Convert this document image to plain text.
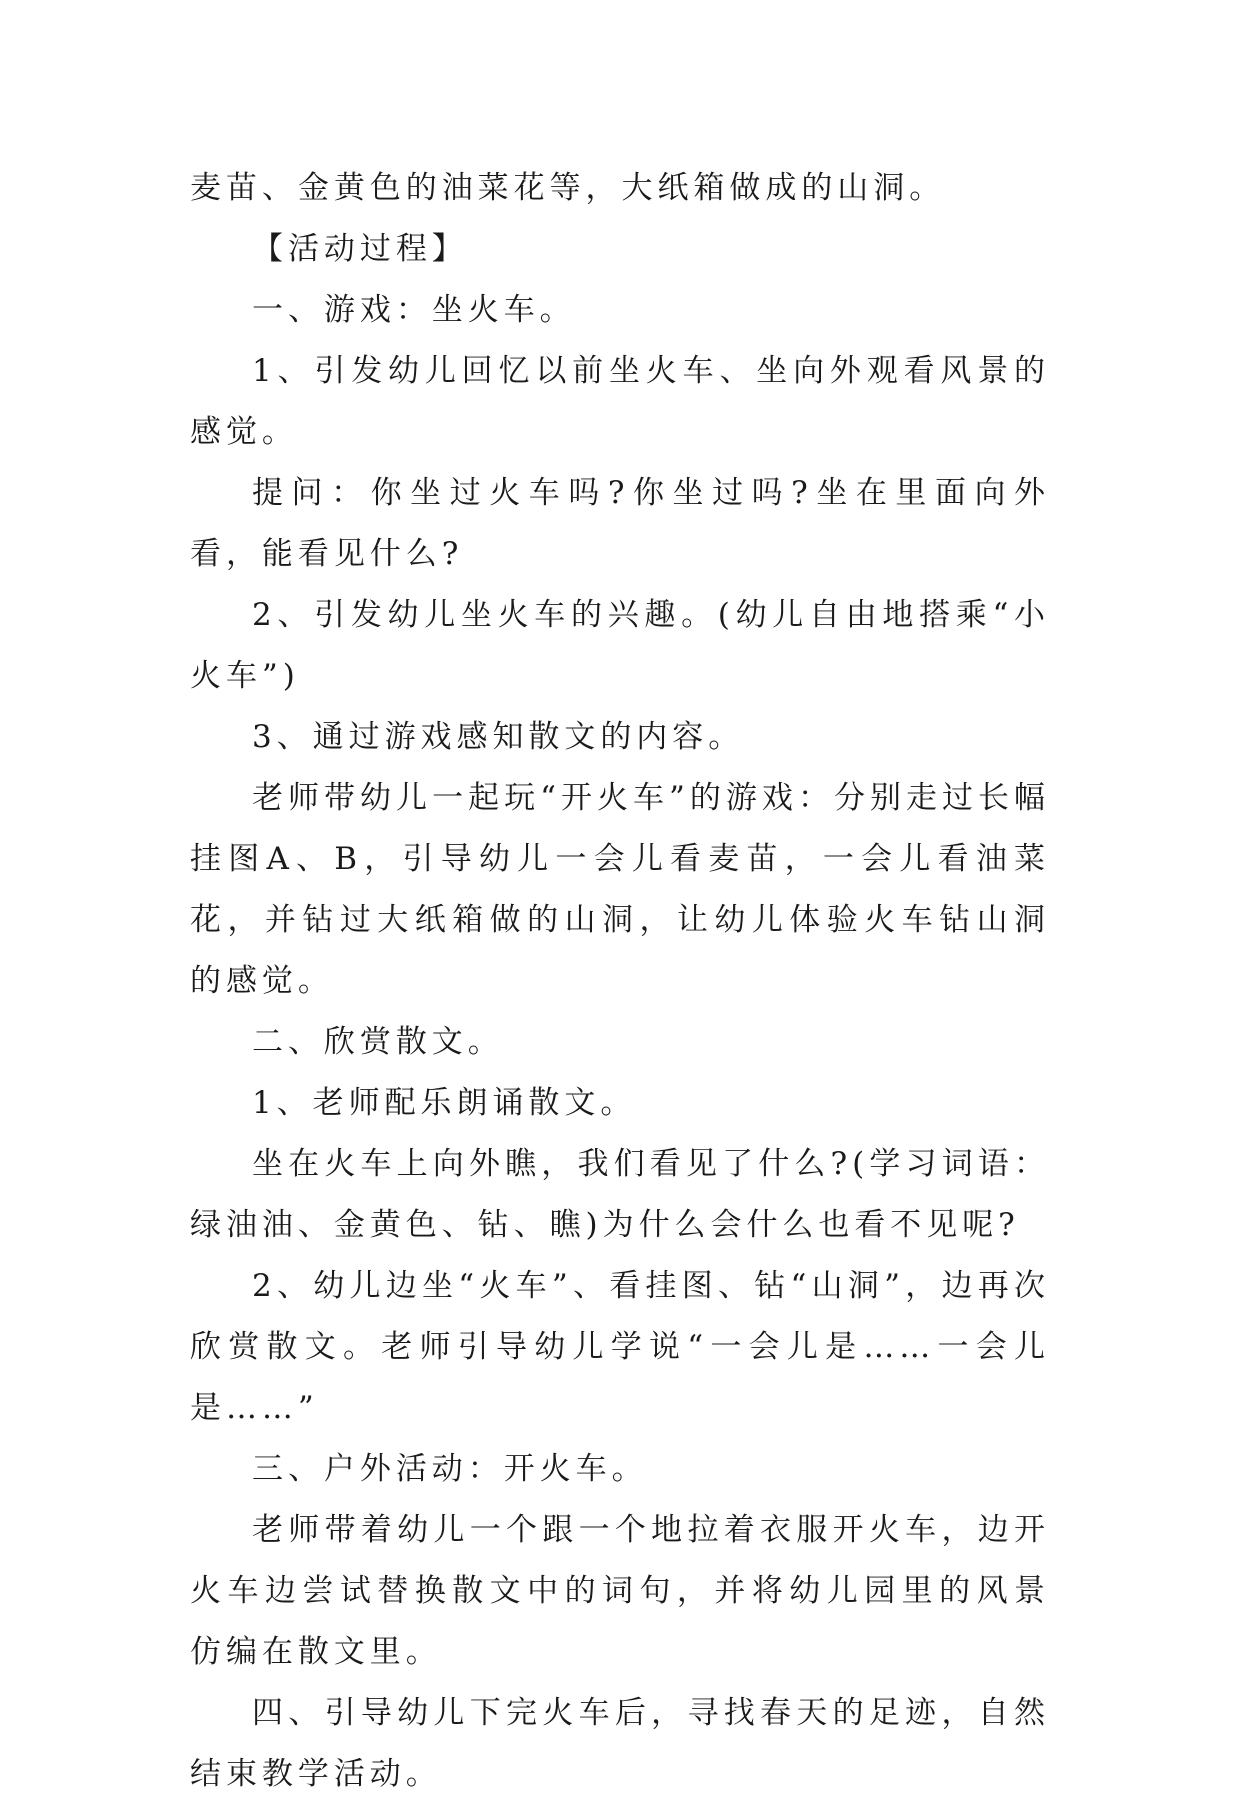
麦苗、金黄色的油菜花等，大纸箱做成的山洞。

【活动过程】

一、游戏：坐火车。

1、引发幼儿回忆以前坐火车、坐向外观看风景的感觉。

提问：你坐过火车吗?你坐过吗?坐在里面向外看，能看见什么?

2、引发幼儿坐火车的兴趣。(幼儿自由地搭乘“小火车”)

3、通过游戏感知散文的内容。

老师带幼儿一起玩“开火车”的游戏：分别走过长幅挂图A、B，引导幼儿一会儿看麦苗，一会儿看油菜花，并钻过大纸箱做的山洞，让幼儿体验火车钻山洞的感觉。

二、欣赏散文。

1、老师配乐朗诵散文。

坐在火车上向外瞧，我们看见了什么?(学习词语：绿油油、金黄色、钻、瞧)为什么会什么也看不见呢?

2、幼儿边坐“火车”、看挂图、钻“山洞”，边再次欣赏散文。老师引导幼儿学说“一会儿是……一会儿是……”

三、户外活动：开火车。

老师带着幼儿一个跟一个地拉着衣服开火车，边开火车边尝试替换散文中的词句，并将幼儿园里的风景仿编在散文里。

四、引导幼儿下完火车后，寻找春天的足迹，自然结束教学活动。
